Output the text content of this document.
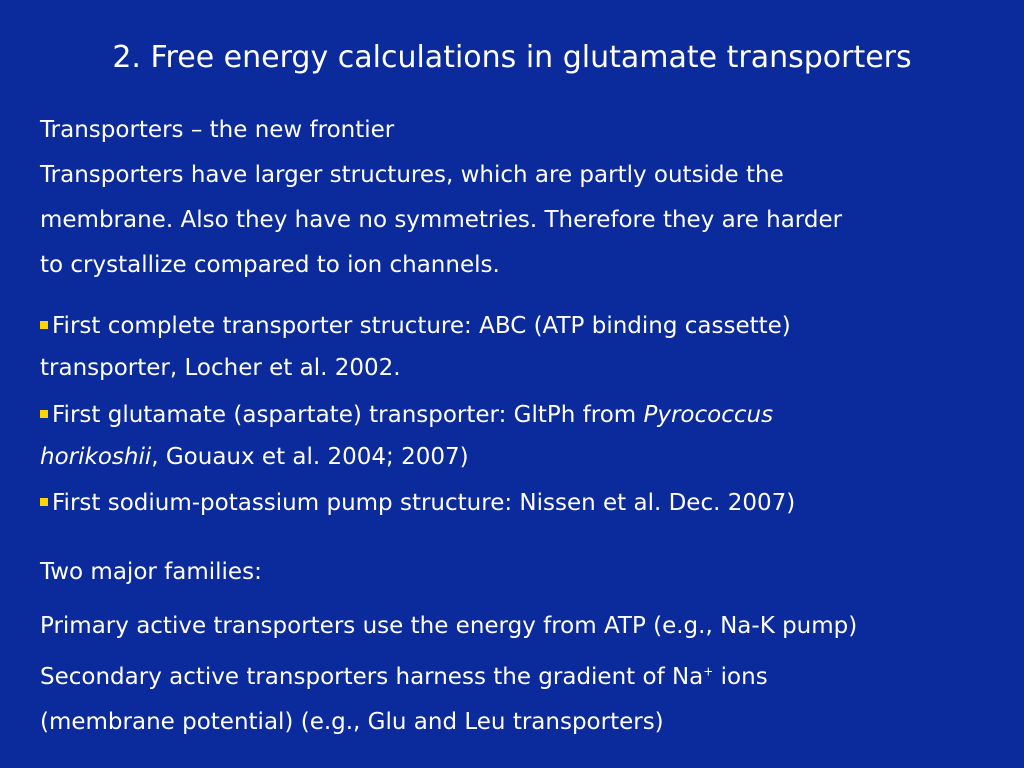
2. Free energy calculations in glutamate transporters
Transporters – the new frontier
Transporters have larger structures, which are partly outside the
membrane. Also they have no symmetries. Therefore they are harder
to crystallize compared to ion channels.
First complete transporter structure: ABC (ATP binding cassette)
transporter, Locher et al. 2002.
First glutamate (aspartate) transporter: GltPh from Pyrococcus
horikoshii, Gouaux et al. 2004; 2007)
First sodium-potassium pump structure: Nissen et al. Dec. 2007)
Two major families:
Primary active transporters use the energy from ATP (e.g., Na-K pump)
Secondary active transporters harness the gradient of Na+ ions
(membrane potential) (e.g., Glu and Leu transporters)
